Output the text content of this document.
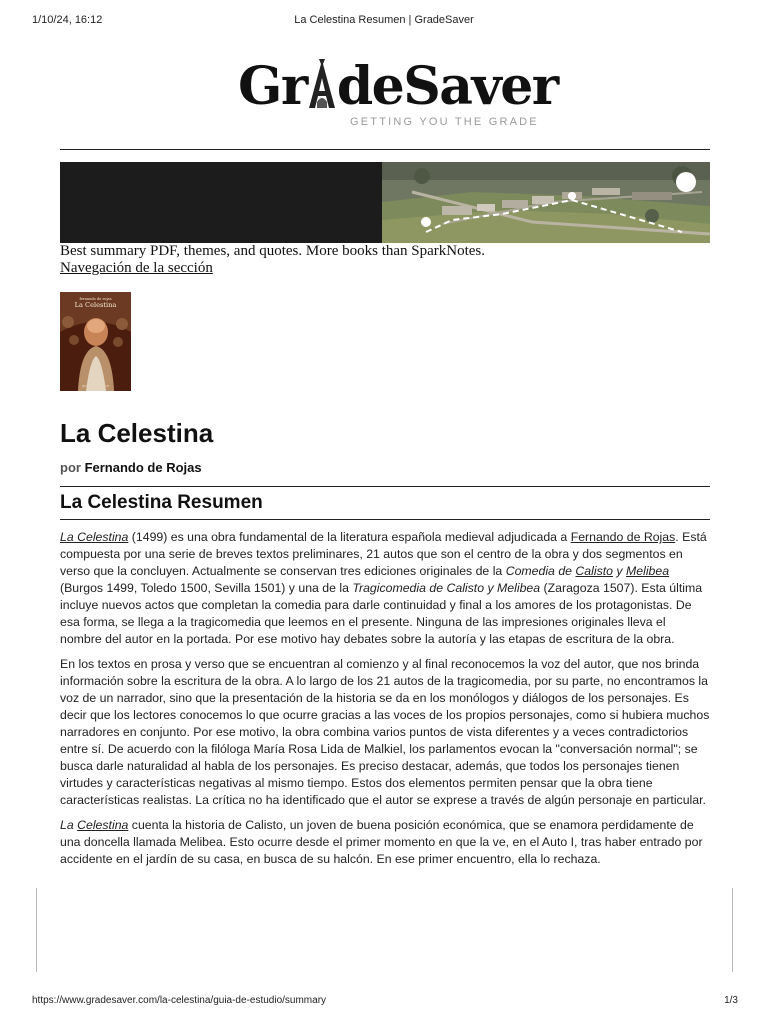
1/10/24, 16:12	La Celestina Resumen | GradeSaver
Gr deSaver
GETTING YOU THE GRADE
Best summary PDF, themes, and quotes. More books than SparkNotes.
Navegación de la sección
fernando de rojas
La Celestina
gramática piedr
La Celestina
por Fernando de Rojas
La Celestina Resumen

La Celestina (1499) es una obra fundamental de la literatura española medieval adjudicada a Fernando de Rojas. Está compuesta por una serie de breves textos preliminares, 21 autos que son el centro de la obra y dos segmentos en verso que la concluyen. Actualmente se conservan tres ediciones originales de la Comedia de Calisto y Melibea (Burgos 1499, Toledo 1500, Sevilla 1501) y una de la Tragicomedia de Calisto y Melibea (Zaragoza 1507). Esta última incluye nuevos actos que completan la comedia para darle continuidad y final a los amores de los protagonistas. De esa forma, se llega a la tragicomedia que leemos en el presente. Ninguna de las impresiones originales lleva el nombre del autor en la portada. Por ese motivo hay debates sobre la autoría y las etapas de escritura de la obra.

En los textos en prosa y verso que se encuentran al comienzo y al final reconocemos la voz del autor, que nos brinda información sobre la escritura de la obra. A lo largo de los 21 autos de la tragicomedia, por su parte, no encontramos la voz de un narrador, sino que la presentación de la historia se da en los monólogos y diálogos de los personajes. Es decir que los lectores conocemos lo que ocurre gracias a las voces de los propios personajes, como si hubiera muchos narradores en conjunto. Por ese motivo, la obra combina varios puntos de vista diferentes y a veces contradictorios entre sí. De acuerdo con la filóloga María Rosa Lida de Malkiel, los parlamentos evocan la "conversación normal"; se busca darle naturalidad al habla de los personajes. Es preciso destacar, además, que todos los personajes tienen virtudes y características negativas al mismo tiempo. Estos dos elementos permiten pensar que la obra tiene características realistas. La crítica no ha identificado que el autor se exprese a través de algún personaje en particular.

La Celestina cuenta la historia de Calisto, un joven de buena posición económica, que se enamora perdidamente de una doncella llamada Melibea. Esto ocurre desde el primer momento en que la ve, en el Auto I, tras haber entrado por accidente en el jardín de su casa, en busca de su halcón. En ese primer encuentro, ella lo rechaza.

https://www.gradesaver.com/la-celestina/guia-de-estudio/summary	1/3
